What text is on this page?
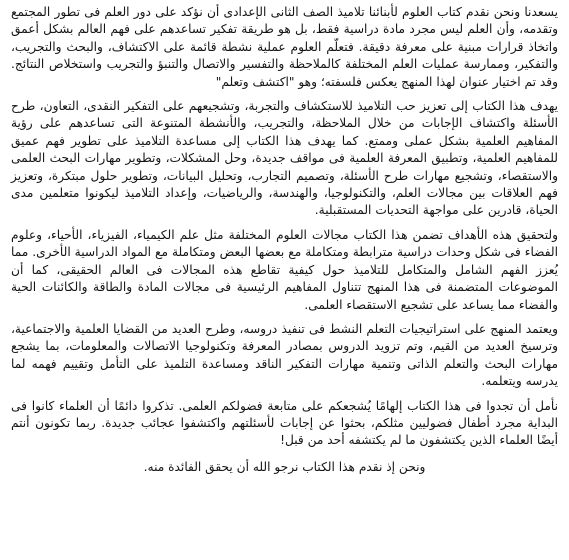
يسعدنا ونحن نقدم كتاب العلوم لأبنائنا تلاميذ الصف الثانى الإعدادى أن نؤكد على دور العلم فى تطور المجتمع وتقدمه، وأن العلم ليس مجرد مادة دراسية فقط، بل هو طريقة تفكير تساعدهم على فهم العالم بشكل أعمق واتخاذ قرارات مبنية على معرفة دقيقة. فتعلّم العلوم عملية نشطة قائمة على الاكتشاف، والبحث والتجريب، والتفكير، وممارسة عمليات العلم المختلفة كالملاحظة والتفسير والاتصال والتنبؤ والتجريب واستخلاص النتائج. وقد تم اختيار عنوان لهذا المنهج يعكس فلسفته؛ وهو "اكتشف وتعلم"

يهدف هذا الكتاب إلى تعزيز حب التلاميذ للاستكشاف والتجربة، وتشجيعهم على التفكير النقدى، التعاون، طرح الأسئلة واكتشاف الإجابات من خلال الملاحظة، والتجريب، والأنشطة المتنوعة التى تساعدهم على رؤية المفاهيم العلمية بشكل عملى وممتع. كما يهدف هذا الكتاب إلى مساعدة التلاميذ على تطوير فهم عميق للمفاهيم العلمية، وتطبيق المعرفة العلمية فى مواقف جديدة، وحل المشكلات، وتطوير مهارات البحث العلمى والاستقصاء، وتشجيع مهارات طرح الأسئلة، وتصميم التجارب، وتحليل البيانات، وتطوير حلول مبتكرة، وتعزيز فهم العلاقات بين مجالات العلم، والتكنولوجيا، والهندسة، والرياضيات، وإعداد التلاميذ ليكونوا متعلمين مدى الحياة، قادرين على مواجهة التحديات المستقبلية.

ولتحقيق هذه الأهداف تضمن هذا الكتاب مجالات العلوم المختلفة مثل علم الكيمياء، الفيزياء، الأحياء، وعلوم الفضاء فى شكل وحدات دراسية مترابطة ومتكاملة مع بعضها البعض ومتكاملة مع المواد الدراسية الأخرى. مما يُعزز الفهم الشامل والمتكامل للتلاميذ حول كيفية تقاطع هذه المجالات فى العالم الحقيقى، كما أن الموضوعات المتضمنة فى هذا المنهج تتناول المفاهيم الرئيسية فى مجالات المادة والطاقة والكائنات الحية والفضاء مما يساعد على تشجيع الاستقصاء العلمى.

ويعتمد المنهج على استراتيجيات التعلم النشط فى تنفيذ دروسه، وطرح العديد من القضايا العلمية والاجتماعية، وترسيخ العديد من القيم، وتم تزويد الدروس بمصادر المعرفة وتكنولوجيا الاتصالات والمعلومات، بما يشجع مهارات البحث والتعلم الذاتى وتنمية مهارات التفكير الناقد ومساعدة التلميذ على التأمل وتقييم فهمه لما يدرسه ويتعلمه.

نأمل أن تجدوا فى هذا الكتاب إلهامًا يُشجعكم على متابعة فضولكم العلمى. تذكروا دائمًا أن العلماء كانوا فى البداية مجرد أطفال فضوليين مثلكم، بحثوا عن إجابات لأسئلتهم واكتشفوا عجائب جديدة. ربما تكونون أنتم أيضًا العلماء الذين يكتشفون ما لم يكتشفه أحد من قبل!

ونحن إذ نقدم هذا الكتاب نرجو الله أن يحقق الفائدة منه.
